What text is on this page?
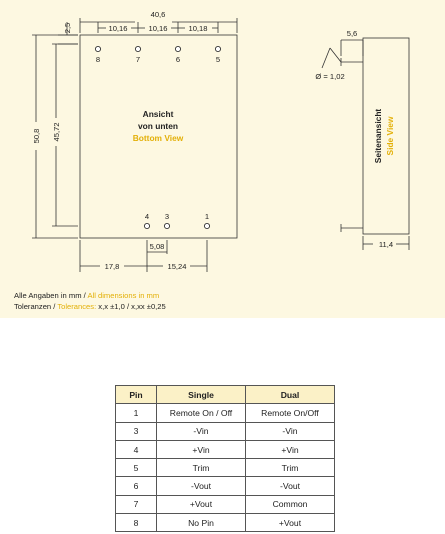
40,6
10,16	10,16	10,18
2,5
50,8 45,72
5,08
17,8	15,24
5,6
Ø = 1,02
11,4
8	7	6	5
4 3	1
Ansicht
von unten
Bottom View	Seitenansicht Side View
Alle Angaben in mm / All dimensions in mm
Toleranzen / Tolerances: x,x ±1,0 / x,xx ±0,25
Pin	Single	Dual
1	Remote On / Off	Remote On/Off
3	-Vin	-Vin
4	+Vin	+Vin
5	Trim	Trim
6	-Vout	-Vout
7	+Vout	Common
8	No Pin	+Vout
